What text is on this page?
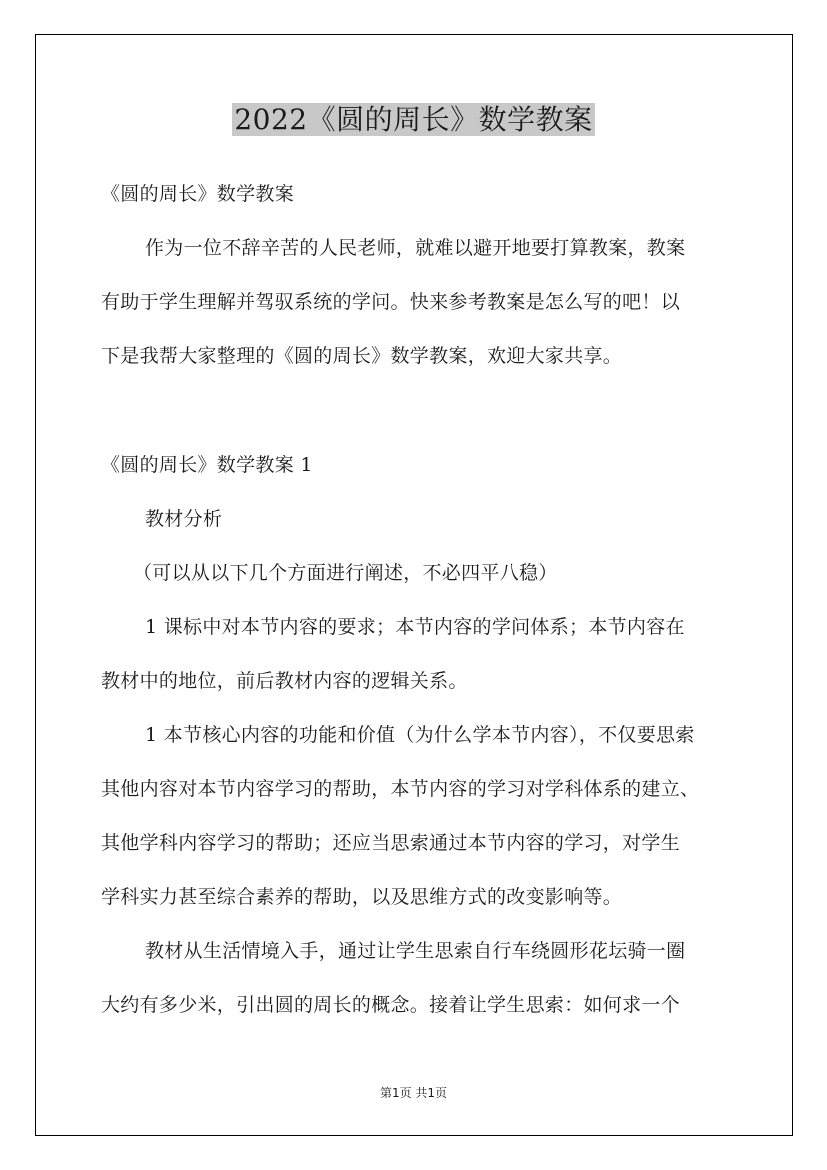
2022《圆的周长》数学教案
《圆的周长》数学教案
作为一位不辞辛苦的人民老师，就难以避开地要打算教案，教案
有助于学生理解并驾驭系统的学问。快来参考教案是怎么写的吧！以
下是我帮大家整理的《圆的周长》数学教案，欢迎大家共享。
《圆的周长》数学教案 1
教材分析
（可以从以下几个方面进行阐述，不必四平八稳）
1 课标中对本节内容的要求；本节内容的学问体系；本节内容在
教材中的地位，前后教材内容的逻辑关系。
1 本节核心内容的功能和价值（为什么学本节内容），不仅要思索
其他内容对本节内容学习的帮助，本节内容的学习对学科体系的建立、
其他学科内容学习的帮助；还应当思索通过本节内容的学习，对学生
学科实力甚至综合素养的帮助，以及思维方式的改变影响等。
教材从生活情境入手，通过让学生思索自行车绕圆形花坛骑一圈
大约有多少米，引出圆的周长的概念。接着让学生思索：如何求一个
第1页 共1页
